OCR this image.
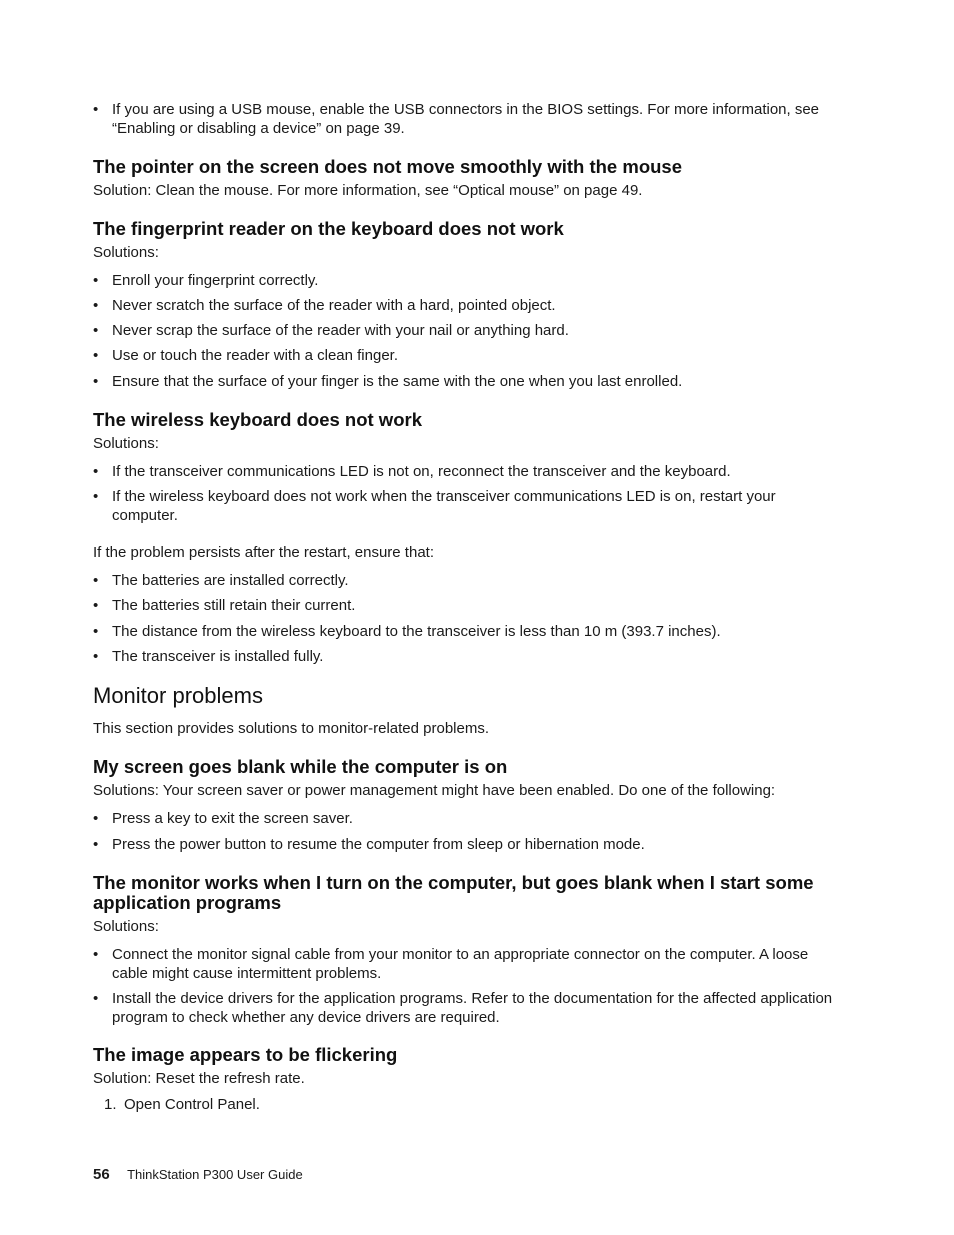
• If you are using a USB mouse, enable the USB connectors in the BIOS settings. For more information, see “Enabling or disabling a device” on page 39.
The pointer on the screen does not move smoothly with the mouse

Solution: Clean the mouse. For more information, see “Optical mouse” on page 49.

The fingerprint reader on the keyboard does not work

Solutions:

• Enroll your fingerprint correctly.
• Never scratch the surface of the reader with a hard, pointed object.
• Never scrap the surface of the reader with your nail or anything hard.
• Use or touch the reader with a clean finger.
• Ensure that the surface of your finger is the same with the one when you last enrolled.
The wireless keyboard does not work

Solutions:

• If the transceiver communications LED is not on, reconnect the transceiver and the keyboard.
• If the wireless keyboard does not work when the transceiver communications LED is on, restart your computer.

If the problem persists after the restart, ensure that:

• The batteries are installed correctly.
• The batteries still retain their current.
• The distance from the wireless keyboard to the transceiver is less than 10 m (393.7 inches).
• The transceiver is installed fully.
Monitor problems

This section provides solutions to monitor-related problems.

My screen goes blank while the computer is on

Solutions: Your screen saver or power management might have been enabled. Do one of the following:

• Press a key to exit the screen saver.
• Press the power button to resume the computer from sleep or hibernation mode.
The monitor works when I turn on the computer, but goes blank when I start some application programs

Solutions:

• Connect the monitor signal cable from your monitor to an appropriate connector on the computer. A loose cable might cause intermittent problems.
• Install the device drivers for the application programs. Refer to the documentation for the affected application program to check whether any device drivers are required.
The image appears to be flickering

Solution: Reset the refresh rate.

1. Open Control Panel.
56 ThinkStation P300 User Guide
